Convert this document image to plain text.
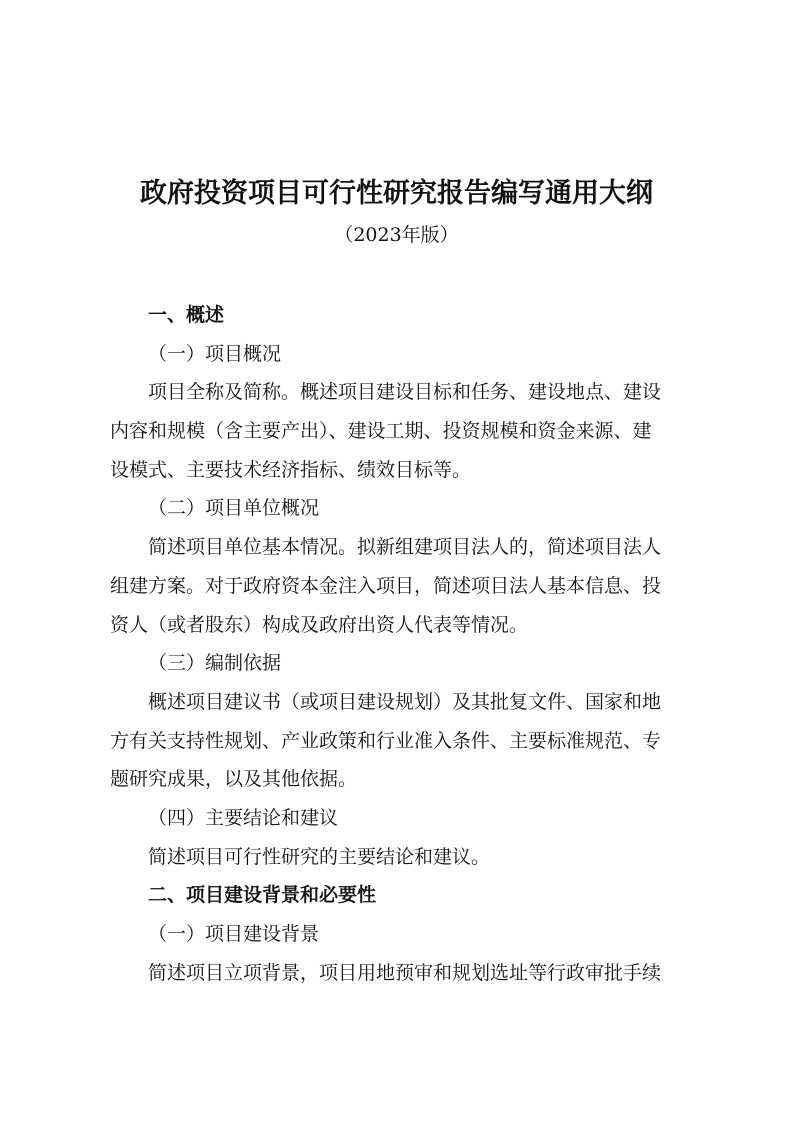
政府投资项目可行性研究报告编写通用大纲
（2023年版）
一、概述
（一）项目概况
项目全称及简称。概述项目建设目标和任务、建设地点、建设
内容和规模（含主要产出）、建设工期、投资规模和资金来源、建
设模式、主要技术经济指标、绩效目标等。
（二）项目单位概况
简述项目单位基本情况。拟新组建项目法人的，简述项目法人
组建方案。对于政府资本金注入项目，简述项目法人基本信息、投
资人（或者股东）构成及政府出资人代表等情况。
（三）编制依据
概述项目建议书（或项目建设规划）及其批复文件、国家和地
方有关支持性规划、产业政策和行业准入条件、主要标准规范、专
题研究成果，以及其他依据。
（四）主要结论和建议
简述项目可行性研究的主要结论和建议。
二、项目建设背景和必要性
（一）项目建设背景
简述项目立项背景，项目用地预审和规划选址等行政审批手续
